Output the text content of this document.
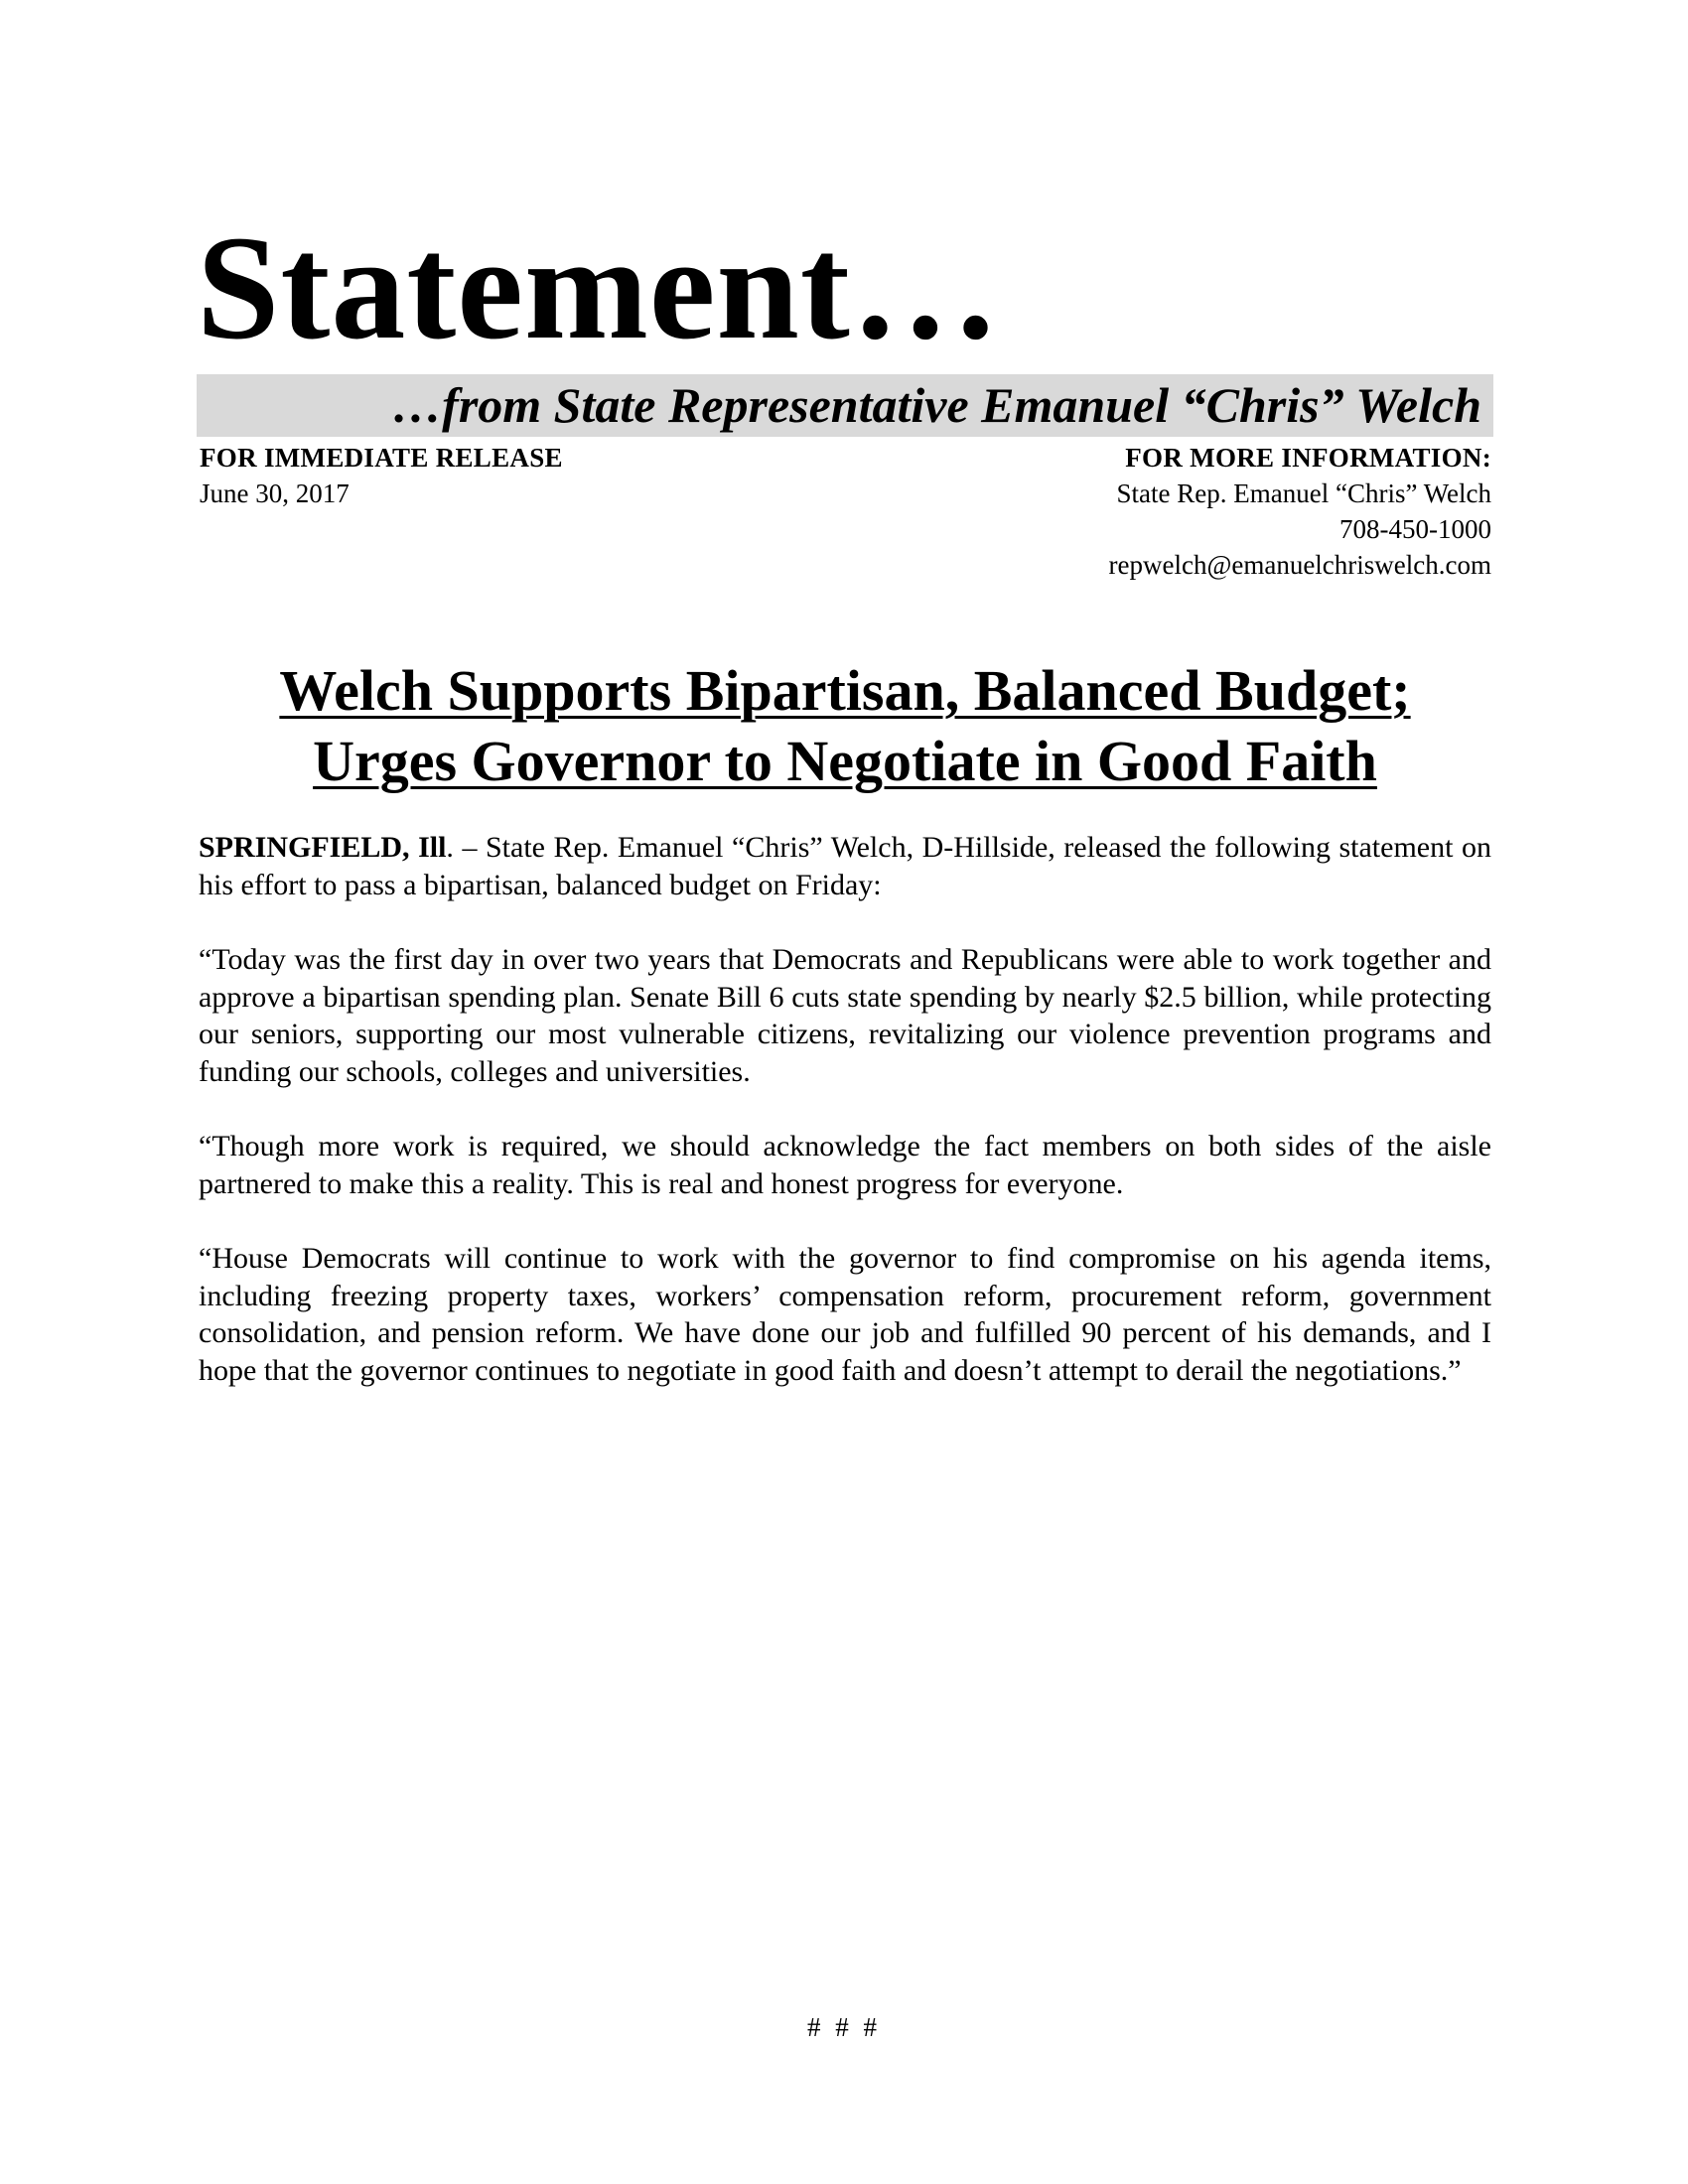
Statement…
…from State Representative Emanuel “Chris” Welch
FOR IMMEDIATE RELEASE
June 30, 2017
FOR MORE INFORMATION:
State Rep. Emanuel “Chris” Welch
708-450-1000
repwelch@emanuelchriswelch.com
Welch Supports Bipartisan, Balanced Budget;
Urges Governor to Negotiate in Good Faith

SPRINGFIELD, Ill. – State Rep. Emanuel “Chris” Welch, D-Hillside, released the following statement on his effort to pass a bipartisan, balanced budget on Friday:

“Today was the first day in over two years that Democrats and Republicans were able to work together and approve a bipartisan spending plan. Senate Bill 6 cuts state spending by nearly $2.5 billion, while protecting our seniors, supporting our most vulnerable citizens, revitalizing our violence prevention programs and funding our schools, colleges and universities.

“Though more work is required, we should acknowledge the fact members on both sides of the aisle partnered to make this a reality. This is real and honest progress for everyone.

“House Democrats will continue to work with the governor to find compromise on his agenda items, including freezing property taxes, workers’ compensation reform, procurement reform, government consolidation, and pension reform. We have done our job and fulfilled 90 percent of his demands, and I hope that the governor continues to negotiate in good faith and doesn’t attempt to derail the negotiations.”

# # #
